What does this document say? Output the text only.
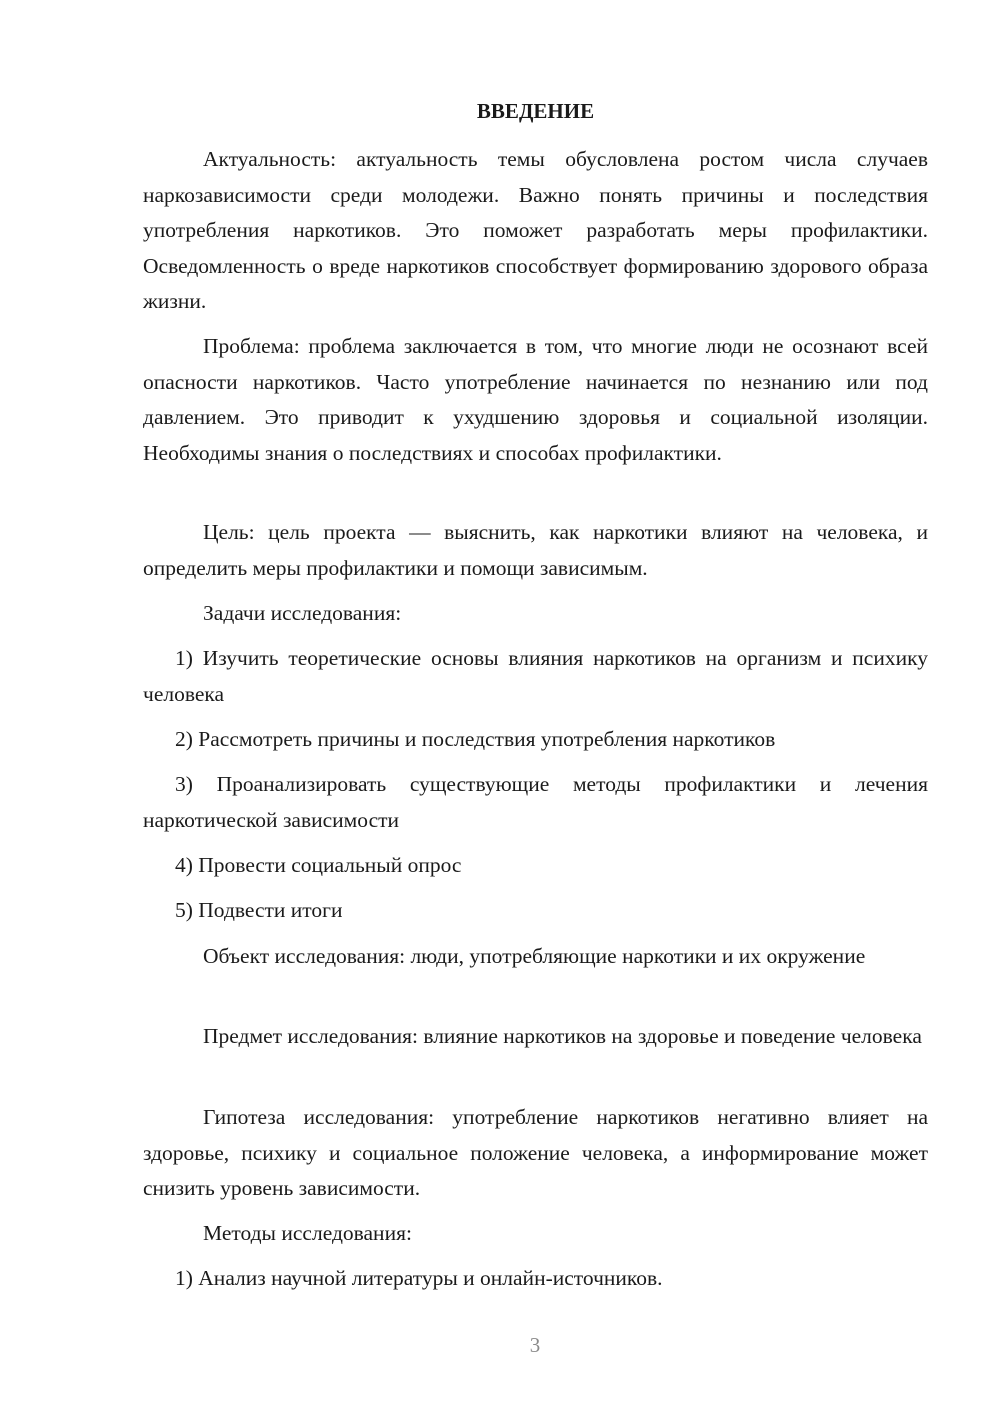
ВВЕДЕНИЕ

Актуальность: актуальность темы обусловлена ростом числа случаев наркозависимости среди молодежи. Важно понять причины и последствия употребления наркотиков. Это поможет разработать меры профилактики. Осведомленность о вреде наркотиков способствует формированию здорового образа жизни.

Проблема: проблема заключается в том, что многие люди не осознают всей опасности наркотиков. Часто употребление начинается по незнанию или под давлением. Это приводит к ухудшению здоровья и социальной изоляции. Необходимы знания о последствиях и способах профилактики.

Цель: цель проекта — выяснить, как наркотики влияют на человека, и определить меры профилактики и помощи зависимым.

Задачи исследования:

1) Изучить теоретические основы влияния наркотиков на организм и психику человека

2) Рассмотреть причины и последствия употребления наркотиков

3) Проанализировать существующие методы профилактики и лечения наркотической зависимости

4) Провести социальный опрос

5) Подвести итоги

Объект исследования: люди, употребляющие наркотики и их окружение

Предмет исследования: влияние наркотиков на здоровье и поведение человека

Гипотеза исследования: употребление наркотиков негативно влияет на здоровье, психику и социальное положение человека, а информирование может снизить уровень зависимости.

Методы исследования:

1) Анализ научной литературы и онлайн-источников.

3
